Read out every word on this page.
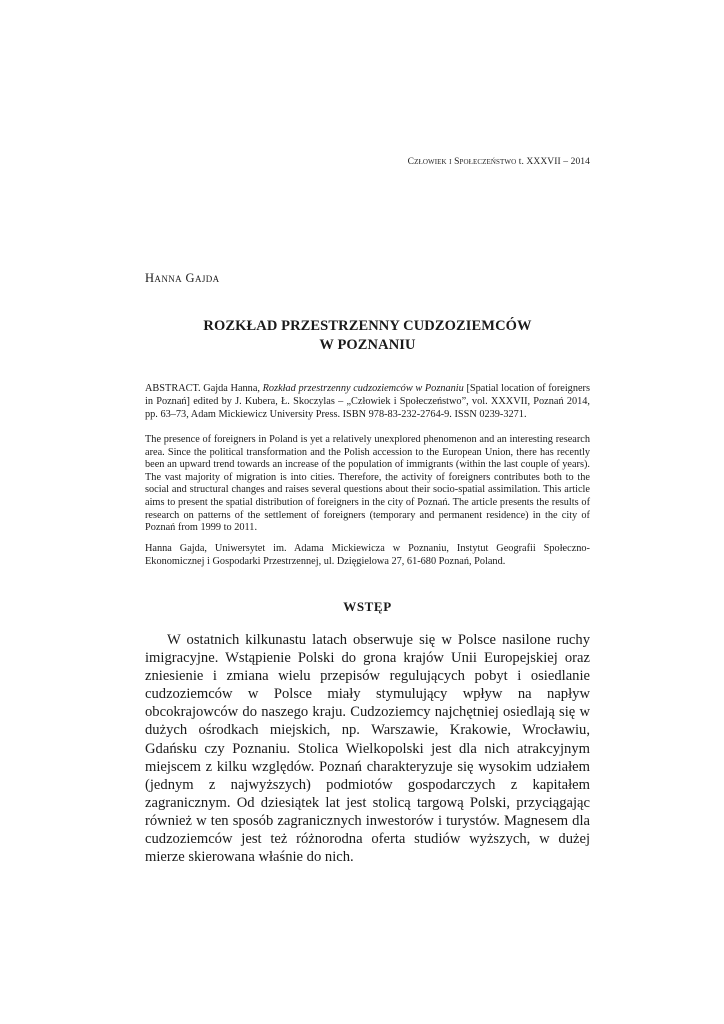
Człowiek i Społeczeństwo t. XXXVII – 2014
Hanna Gajda
ROZKŁAD PRZESTRZENNY CUDZOZIEMCÓW
W POZNANIU
ABSTRACT. Gajda Hanna, Rozkład przestrzenny cudzoziemców w Poznaniu [Spatial location of foreigners in Poznań] edited by J. Kubera, Ł. Skoczylas – „Człowiek i Społeczeństwo”, vol. XXXVII, Poznań 2014, pp. 63–73, Adam Mickiewicz University Press. ISBN 978-83-232-2764-9. ISSN 0239-3271.
The presence of foreigners in Poland is yet a relatively unexplored phenomenon and an interesting research area. Since the political transformation and the Polish accession to the European Union, there has recently been an upward trend towards an increase of the population of immigrants (within the last couple of years). The vast majority of migration is into cities. Therefore, the activity of foreigners contributes both to the social and structural changes and raises several questions about their socio-spatial assimilation. This article aims to present the spatial distribution of foreigners in the city of Poznań. The article presents the results of research on patterns of the settlement of foreigners (temporary and permanent residence) in the city of Poznań from 1999 to 2011.
Hanna Gajda, Uniwersytet im. Adama Mickiewicza w Poznaniu, Instytut Geografii Społeczno-Ekonomicznej i Gospodarki Przestrzennej, ul. Dzięgielowa 27, 61-680 Poznań, Poland.
WSTĘP

W ostatnich kilkunastu latach obserwuje się w Polsce nasilone ruchy imigracyjne. Wstąpienie Polski do grona krajów Unii Europejskiej oraz zniesienie i zmiana wielu przepisów regulujących pobyt i osiedlanie cudzoziemców w Polsce miały stymulujący wpływ na napływ obcokrajowców do naszego kraju. Cudzoziemcy najchętniej osiedlają się w dużych ośrodkach miejskich, np. Warszawie, Krakowie, Wrocławiu, Gdańsku czy Poznaniu. Stolica Wielkopolski jest dla nich atrakcyjnym miejscem z kilku względów. Poznań charakteryzuje się wysokim udziałem (jednym z najwyższych) podmiotów gospodarczych z kapitałem zagranicznym. Od dziesiątek lat jest stolicą targową Polski, przyciągając również w ten sposób zagranicznych inwestorów i turystów. Magnesem dla cudzoziemców jest też różnorodna oferta studiów wyższych, w dużej mierze skierowana właśnie do nich.
